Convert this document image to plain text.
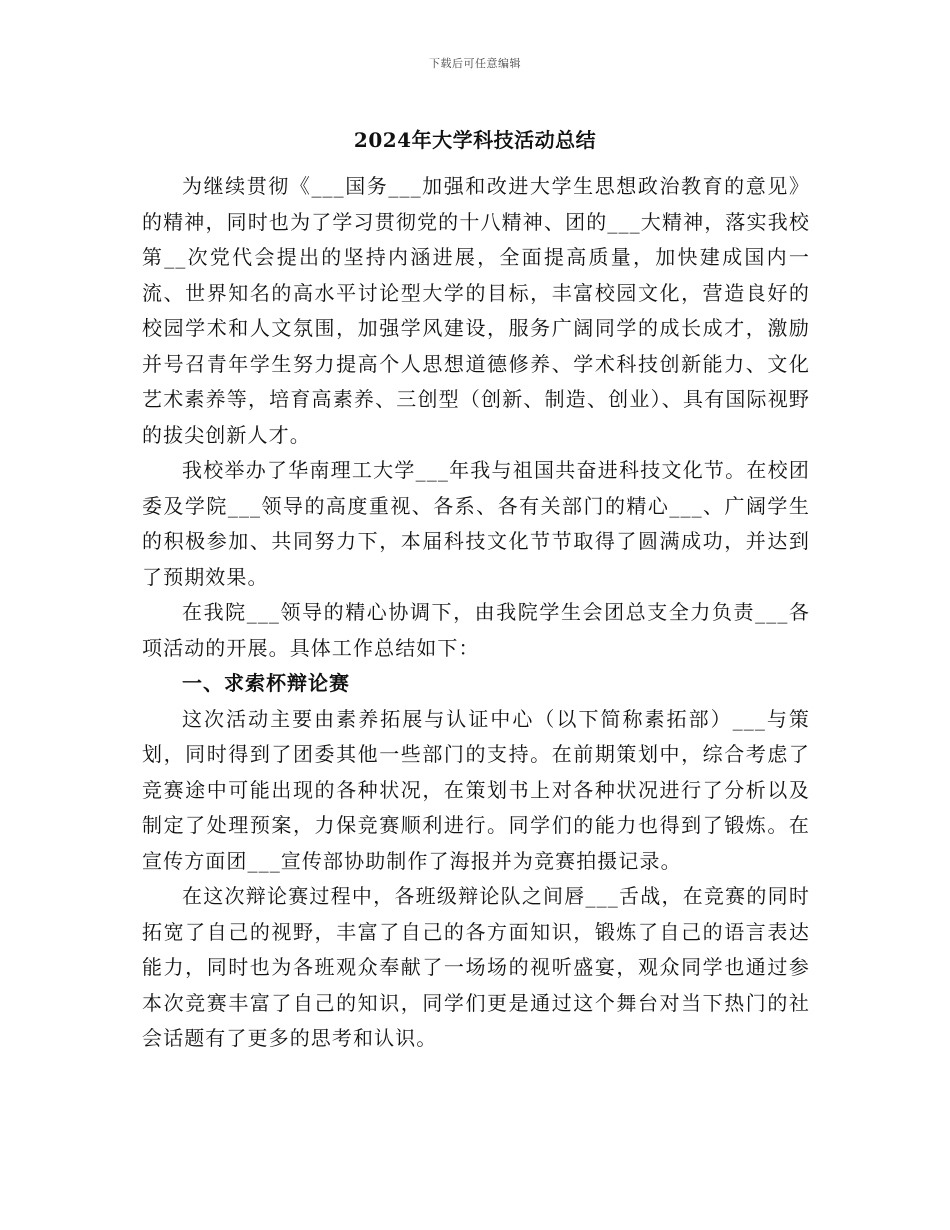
下载后可任意编辑
2024年大学科技活动总结

为继续贯彻《___国务___加强和改进大学生思想政治教育的意见》的精神，同时也为了学习贯彻党的十八精神、团的___大精神，落实我校第__次党代会提出的坚持内涵进展，全面提高质量，加快建成国内一流、世界知名的高水平讨论型大学的目标，丰富校园文化，营造良好的校园学术和人文氛围，加强学风建设，服务广阔同学的成长成才，激励并号召青年学生努力提高个人思想道德修养、学术科技创新能力、文化艺术素养等，培育高素养、三创型（创新、制造、创业）、具有国际视野的拔尖创新人才。

我校举办了华南理工大学___年我与祖国共奋进科技文化节。在校团委及学院___领导的高度重视、各系、各有关部门的精心___、广阔学生的积极参加、共同努力下，本届科技文化节节取得了圆满成功，并达到了预期效果。

在我院___领导的精心协调下，由我院学生会团总支全力负责___各项活动的开展。具体工作总结如下：

一、求索杯辩论赛

这次活动主要由素养拓展与认证中心（以下简称素拓部）___与策划，同时得到了团委其他一些部门的支持。在前期策划中，综合考虑了竞赛途中可能出现的各种状况，在策划书上对各种状况进行了分析以及制定了处理预案，力保竞赛顺利进行。同学们的能力也得到了锻炼。在宣传方面团___宣传部协助制作了海报并为竞赛拍摄记录。

在这次辩论赛过程中，各班级辩论队之间唇___舌战，在竞赛的同时拓宽了自己的视野，丰富了自己的各方面知识，锻炼了自己的语言表达能力，同时也为各班观众奉献了一场场的视听盛宴，观众同学也通过参本次竞赛丰富了自己的知识，同学们更是通过这个舞台对当下热门的社会话题有了更多的思考和认识。
